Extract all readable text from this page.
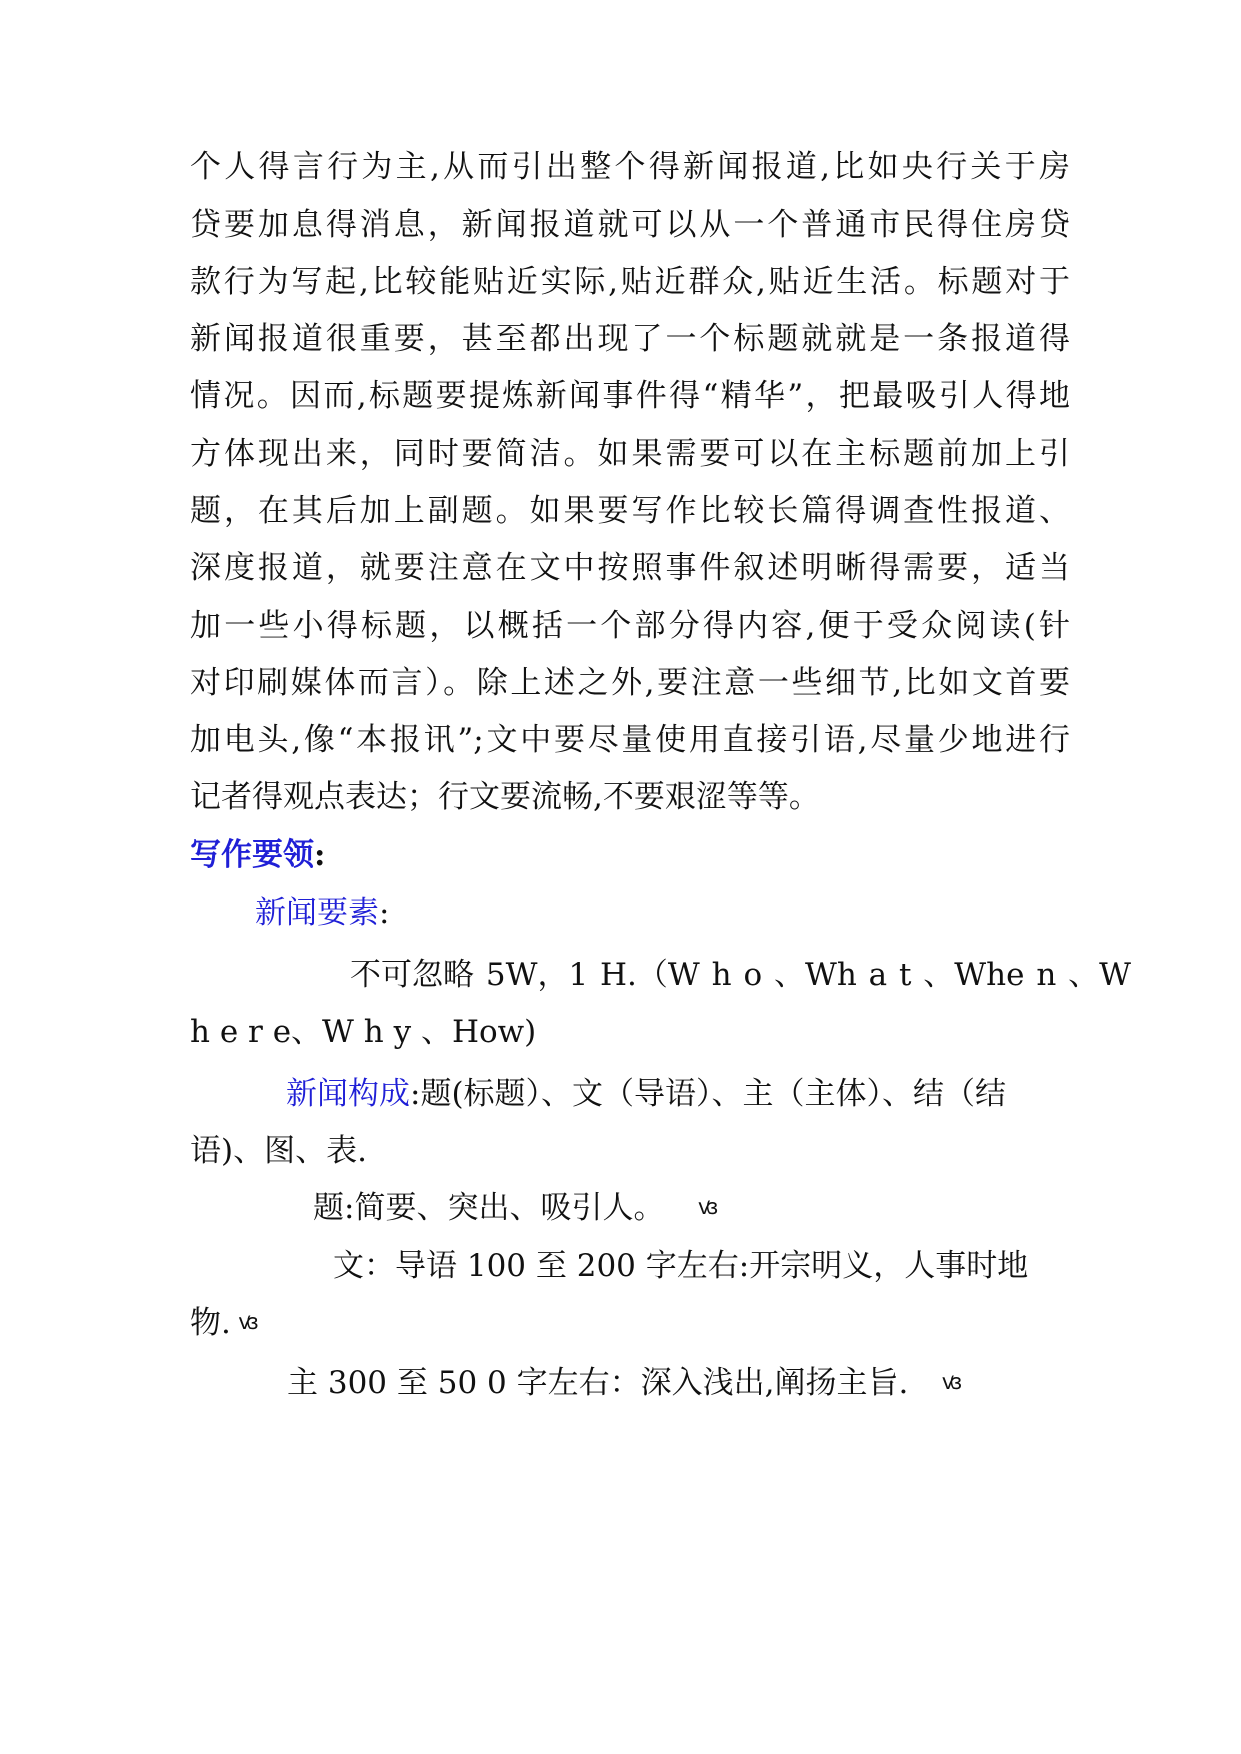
个人得言行为主,从而引出整个得新闻报道,比如央行关于房
贷要加息得消息，新闻报道就可以从一个普通市民得住房贷
款行为写起,比较能贴近实际,贴近群众,贴近生活。标题对于
新闻报道很重要，甚至都出现了一个标题就就是一条报道得
情况。因而,标题要提炼新闻事件得“精华”，把最吸引人得地
方体现出来，同时要简洁。如果需要可以在主标题前加上引
题，在其后加上副题。如果要写作比较长篇得调查性报道、
深度报道，就要注意在文中按照事件叙述明晰得需要，适当
加一些小得标题，以概括一个部分得内容,便于受众阅读(针
对印刷媒体而言）。除上述之外,要注意一些细节,比如文首要
加电头,像“本报讯”;文中要尽量使用直接引语,尽量少地进行
记者得观点表达；行文要流畅,不要艰涩等等。
写作要领:
新闻要素:
不可忽略 5W，1 H.（W h o 、Wh a t 、Whe n 、W
h e r e、W h y 、How)
新闻构成:题(标题）、文（导语）、主（主体）、结（结
语)、图、表.
题:简要、突出、吸引人。 ꟃ
文：导语 100 至 200 字左右:开宗明义，人事时地
物. ꟃ
主 300 至 50 0 字左右：深入浅出,阐扬主旨. ꟃ
